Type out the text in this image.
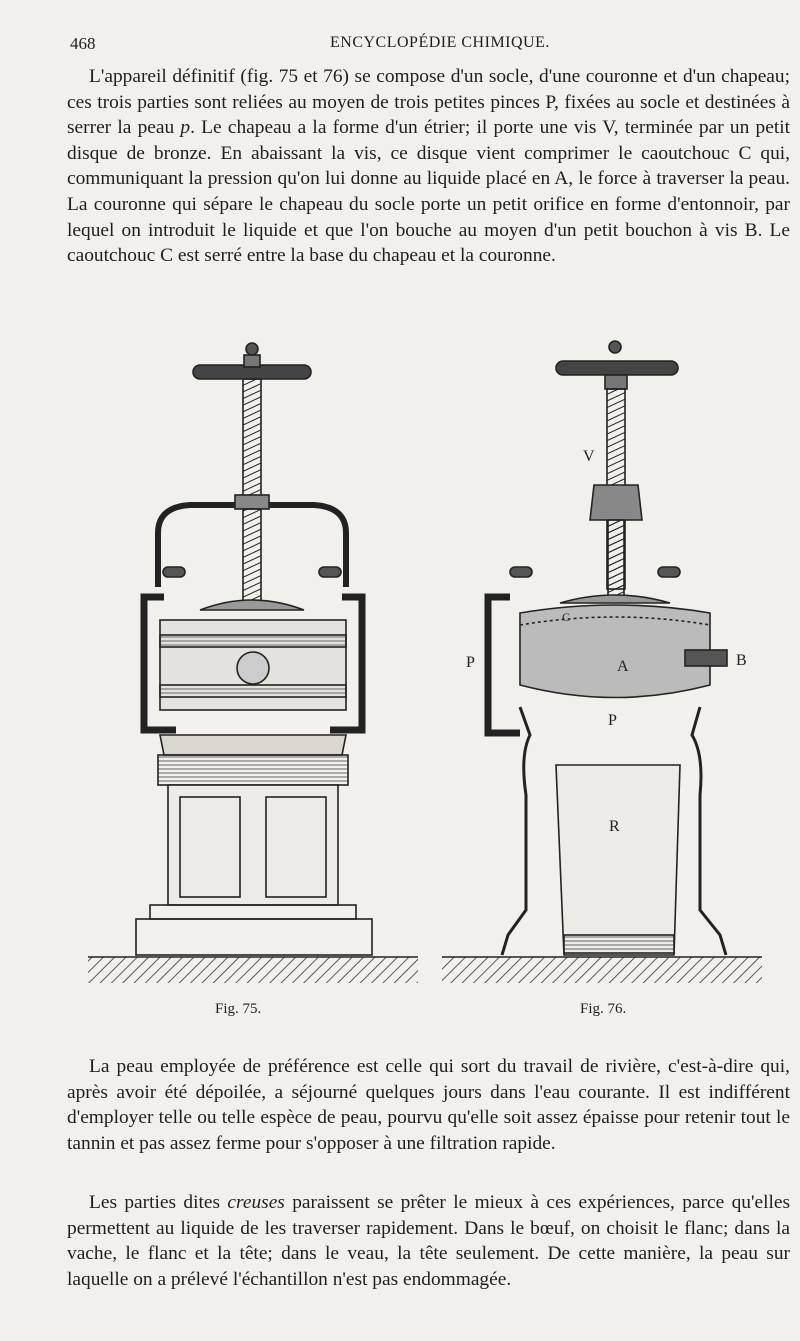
468	ENCYCLOPÉDIE CHIMIQUE.

L'appareil définitif (fig. 75 et 76) se compose d'un socle, d'une couronne et d'un chapeau; ces trois parties sont reliées au moyen de trois petites pinces P, fixées au socle et destinées à serrer la peau p. Le chapeau a la forme d'un étrier; il porte une vis V, terminée par un petit disque de bronze. En abaissant la vis, ce disque vient comprimer le caoutchouc C qui, communiquant la pression qu'on lui donne au liquide placé en A, le force à traverser la peau. La couronne qui sépare le chapeau du socle porte un petit orifice en forme d'entonnoir, par lequel on introduit le liquide et que l'on bouche au moyen d'un petit bouchon à vis B. Le caoutchouc C est serré entre la base du chapeau et la couronne.

V
C
A	B
P
P
R
Fig. 75.	Fig. 76.

La peau employée de préférence est celle qui sort du travail de rivière, c'est-à-dire qui, après avoir été dépoilée, a séjourné quelques jours dans l'eau courante. Il est indifférent d'employer telle ou telle espèce de peau, pourvu qu'elle soit assez épaisse pour retenir tout le tannin et pas assez ferme pour s'opposer à une filtration rapide.

Les parties dites creuses paraissent se prêter le mieux à ces expériences, parce qu'elles permettent au liquide de les traverser rapidement. Dans le bœuf, on choisit le flanc; dans la vache, le flanc et la tête; dans le veau, la tête seulement. De cette manière, la peau sur laquelle on a prélevé l'échantillon n'est pas endommagée.
